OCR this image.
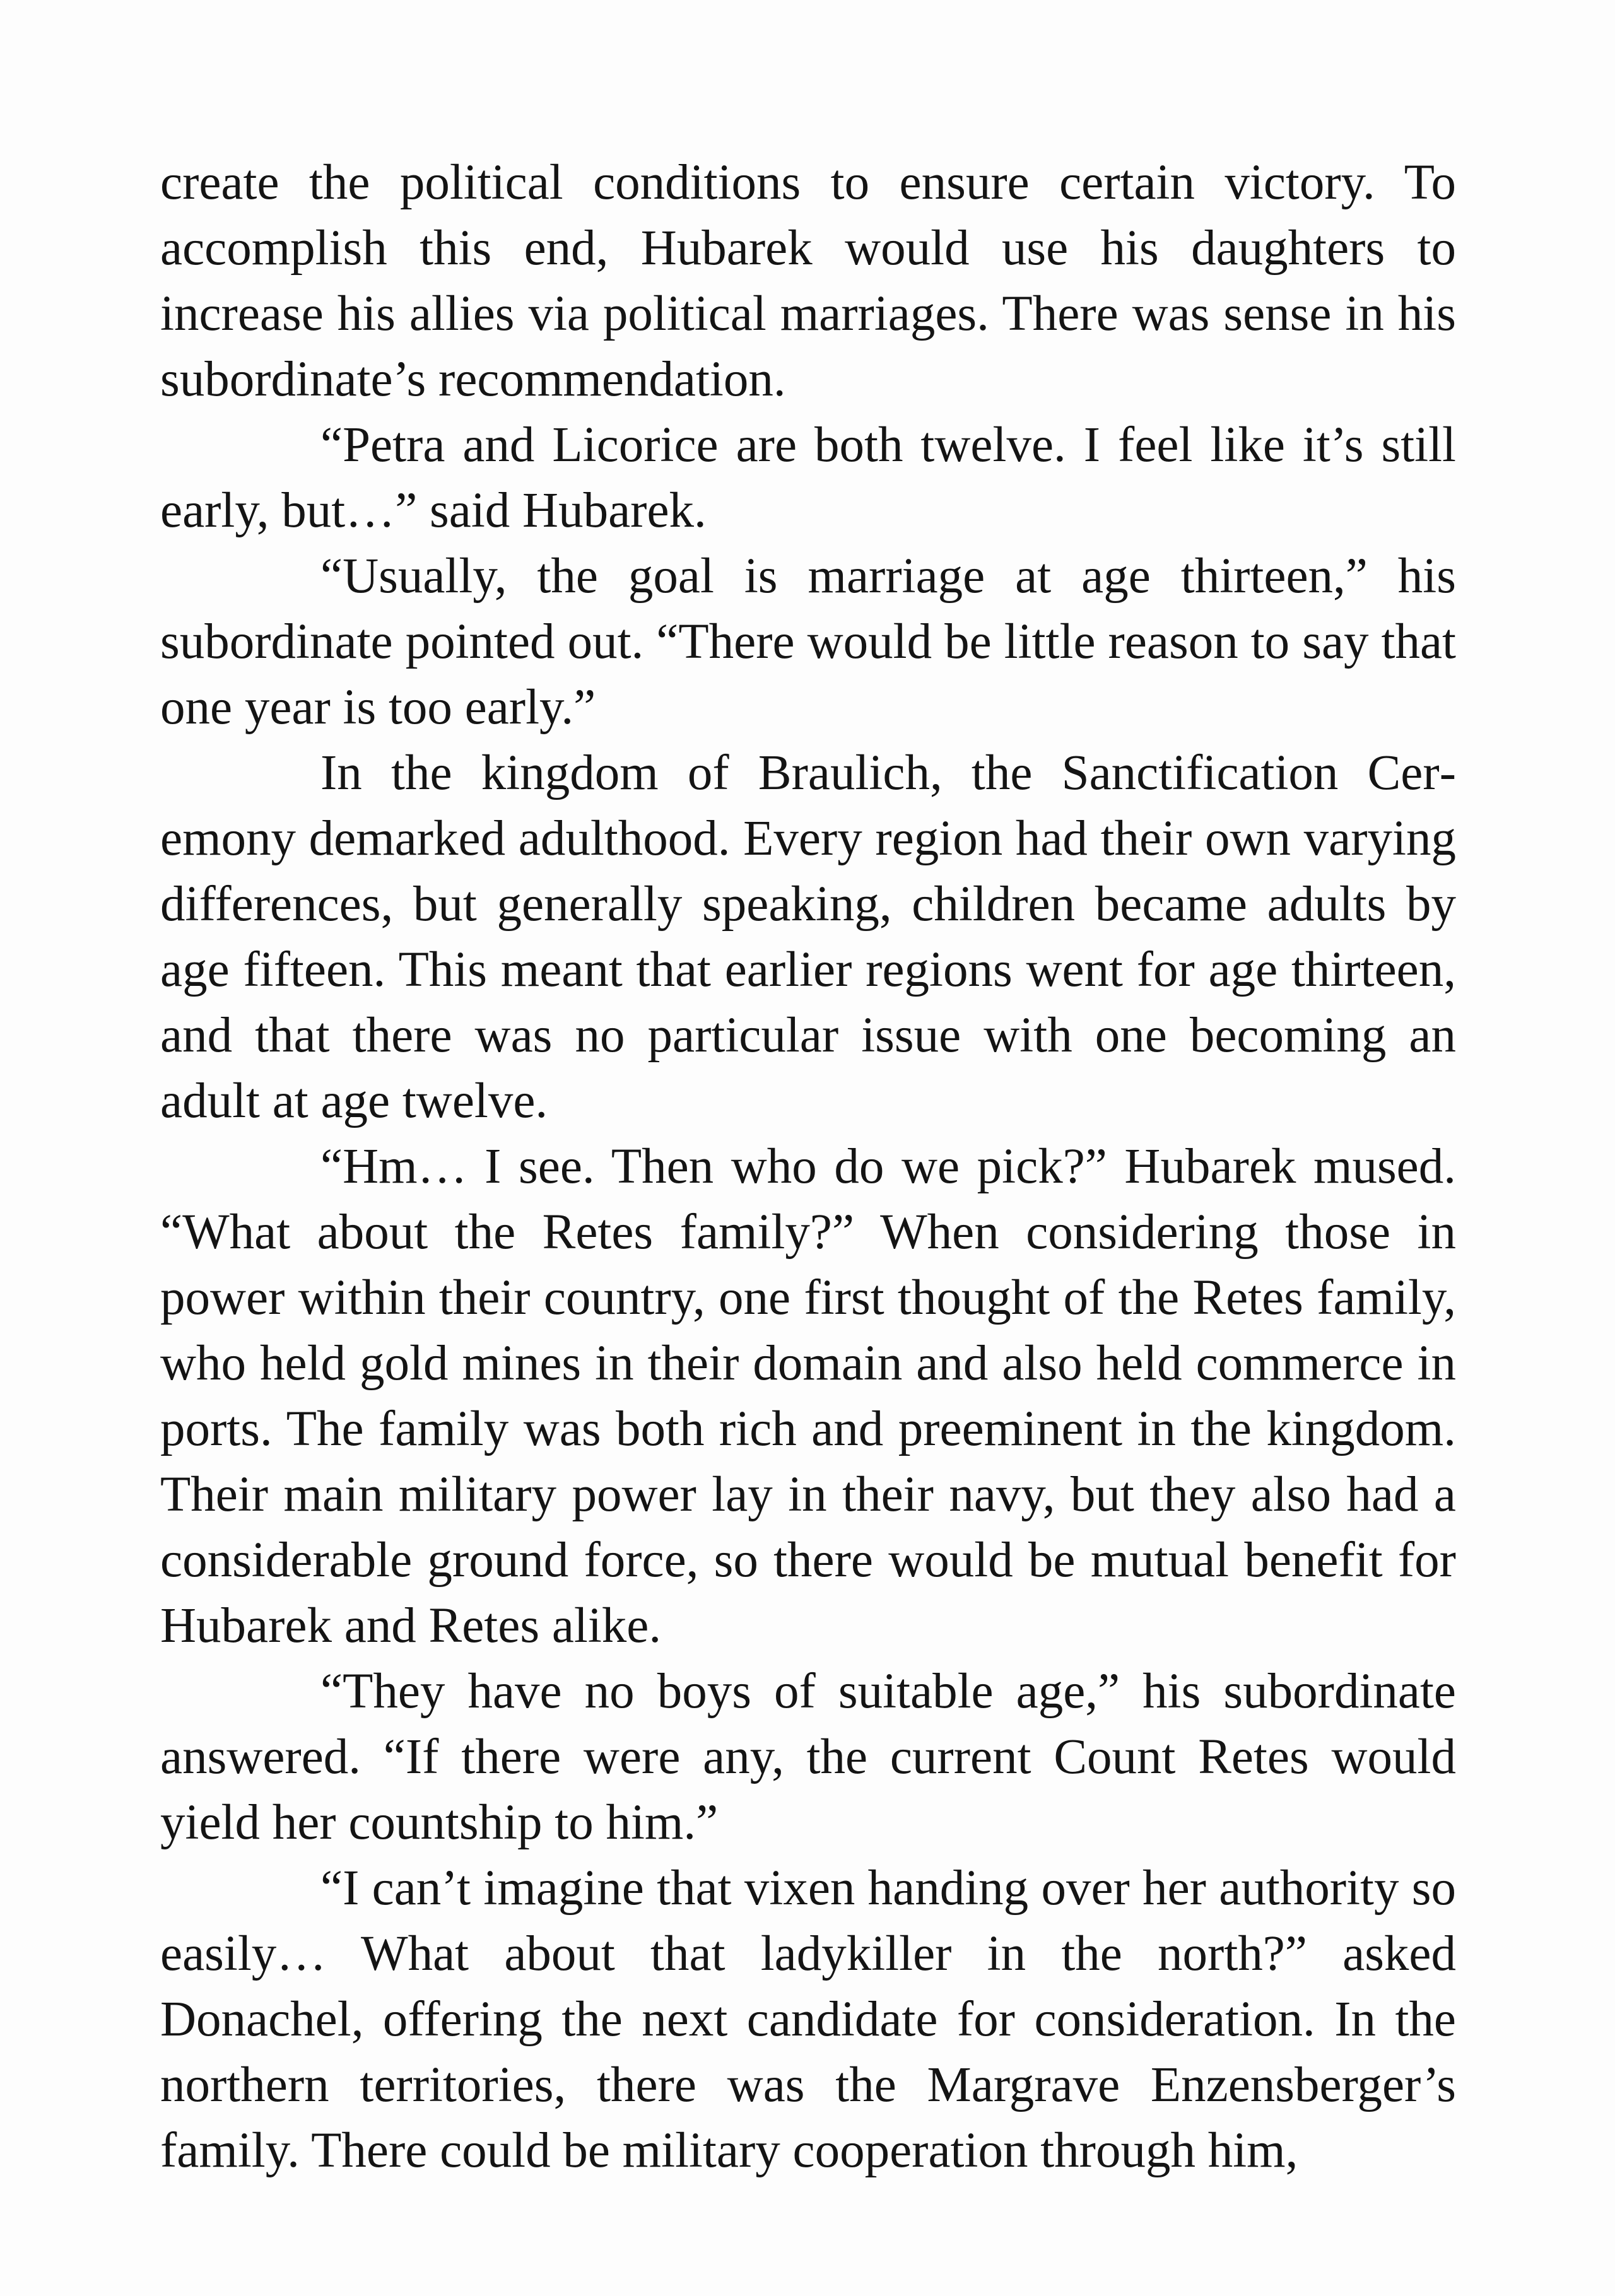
create the political conditions to ensure certain victory. To accomplish this end, Hubarek would use his daughters to increase his allies via political marriages. There was sense in his subordinate’s recommendation.

“Petra and Licorice are both twelve. I feel like it’s still early, but…” said Hubarek.

“Usually, the goal is marriage at age thirteen,” his subordinate pointed out. “There would be little reason to say that one year is too early.”

In the kingdom of Braulich, the Sanctification Ceremony demarked adulthood. Every region had their own varying differences, but generally speaking, children became adults by age fifteen. This meant that earlier regions went for age thirteen, and that there was no particular issue with one becoming an adult at age twelve.

“Hm… I see. Then who do we pick?” Hubarek mused. “What about the Retes family?” When considering those in power within their country, one first thought of the Retes family, who held gold mines in their domain and also held commerce in ports. The family was both rich and preeminent in the kingdom. Their main military power lay in their navy, but they also had a considerable ground force, so there would be mutual benefit for Hubarek and Retes alike.

“They have no boys of suitable age,” his subordinate answered. “If there were any, the current Count Retes would yield her countship to him.”

“I can’t imagine that vixen handing over her authority so easily… What about that ladykiller in the north?” asked Donachel, offering the next candidate for consideration. In the northern territories, there was the Margrave Enzensberger’s family. There could be military cooperation through him,
